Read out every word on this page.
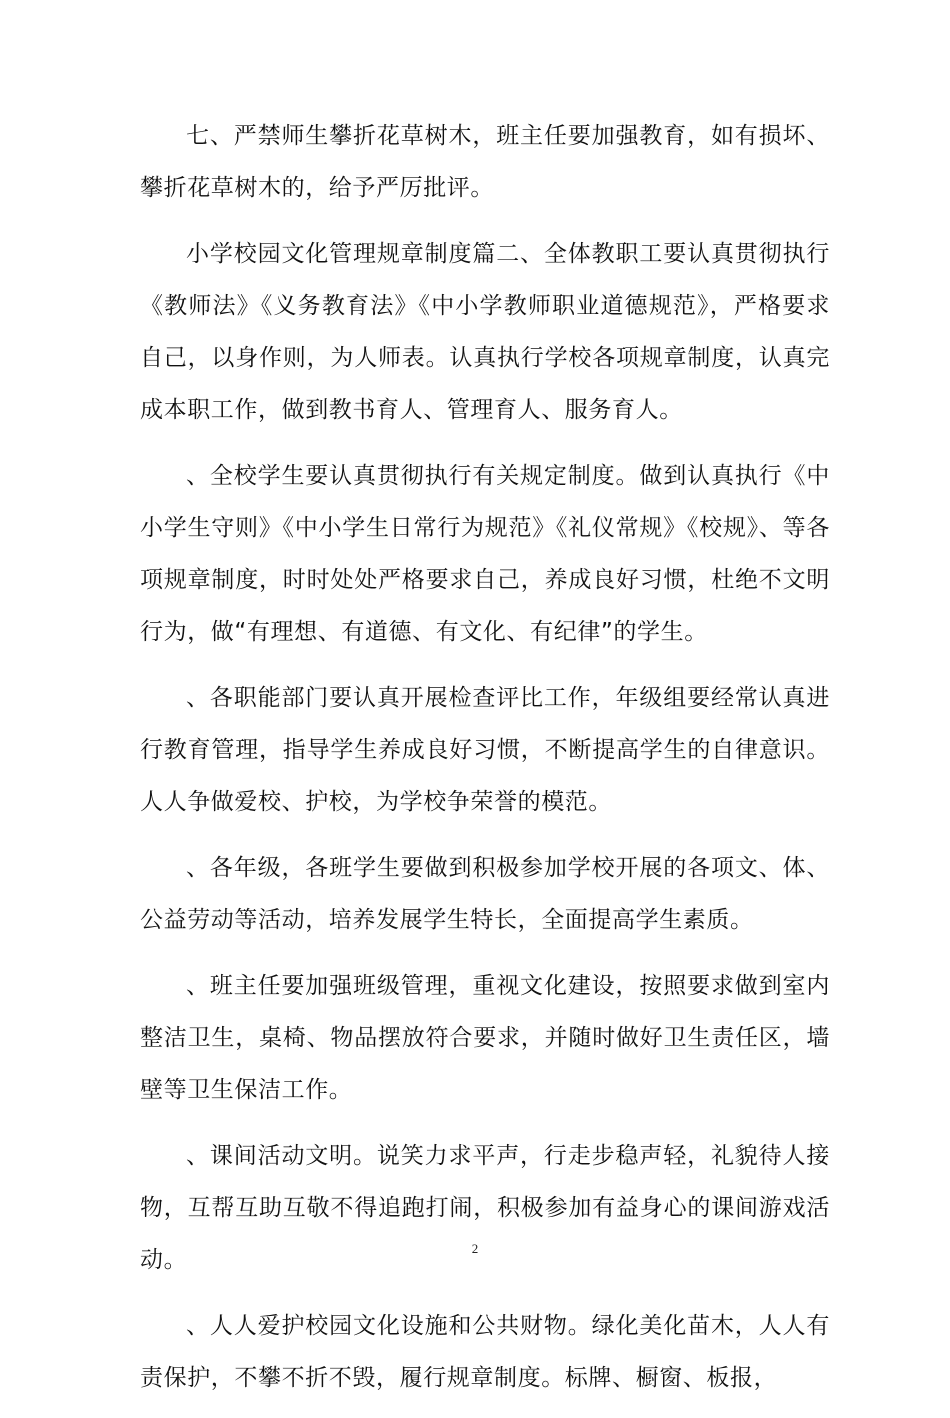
七、严禁师生攀折花草树木，班主任要加强教育，如有损坏、攀折花草树木的，给予严厉批评。

小学校园文化管理规章制度篇二、全体教职工要认真贯彻执行《教师法》《义务教育法》《中小学教师职业道德规范》，严格要求自己，以身作则，为人师表。认真执行学校各项规章制度，认真完成本职工作，做到教书育人、管理育人、服务育人。

、全校学生要认真贯彻执行有关规定制度。做到认真执行《中小学生守则》《中小学生日常行为规范》《礼仪常规》《校规》、等各项规章制度，时时处处严格要求自己，养成良好习惯，杜绝不文明行为，做“有理想、有道德、有文化、有纪律”的学生。

、各职能部门要认真开展检查评比工作，年级组要经常认真进行教育管理，指导学生养成良好习惯，不断提高学生的自律意识。人人争做爱校、护校，为学校争荣誉的模范。

、各年级，各班学生要做到积极参加学校开展的各项文、体、公益劳动等活动，培养发展学生特长，全面提高学生素质。

、班主任要加强班级管理，重视文化建设，按照要求做到室内整洁卫生，桌椅、物品摆放符合要求，并随时做好卫生责任区，墙壁等卫生保洁工作。

、课间活动文明。说笑力求平声，行走步稳声轻，礼貌待人接物，互帮互助互敬不得追跑打闹，积极参加有益身心的课间游戏活动。

、人人爱护校园文化设施和公共财物。绿化美化苗木，人人有责保护，不攀不折不毁，履行规章制度。标牌、橱窗、板报，

2
